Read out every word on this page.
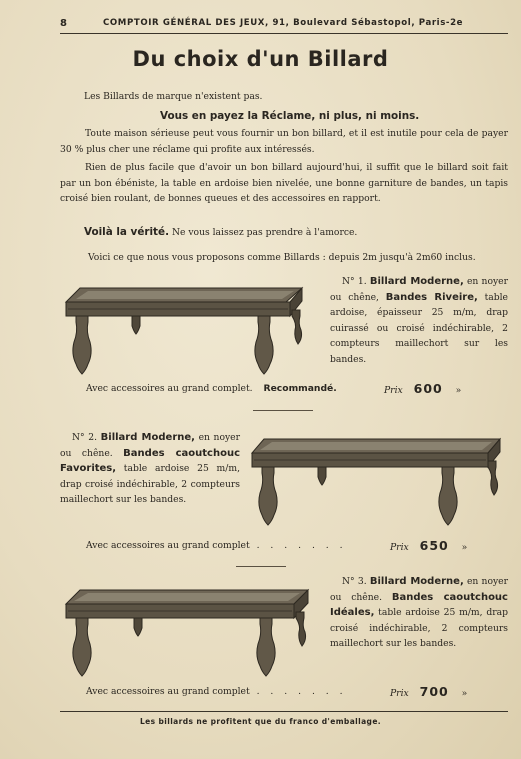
8	COMPTOIR GÉNÉRAL DES JEUX, 91, Boulevard Sébastopol, Paris-2e
Du choix d'un Billard
Les Billards de marque n'existent pas.
Vous en payez la Réclame, ni plus, ni moins.

Toute maison sérieuse peut vous fournir un bon billard, et il est inutile pour cela de payer 30 % plus cher une réclame qui profite aux intéressés.

Rien de plus facile que d'avoir un bon billard aujourd'hui, il suffit que le billard soit fait par un bon ébéniste, la table en ardoise bien nivelée, une bonne garniture de bandes, un tapis croisé bien roulant, de bonnes queues et des accessoires en rapport.

Voilà la vérité. Ne vous laissez pas prendre à l'amorce.
Voici ce que nous vous proposons comme Billards : depuis 2m jusqu'à 2m60 inclus.
N° 1. Billard Moderne, en noyer ou chêne, Bandes Riveire, table ardoise, épaisseur 25 m/m, drap cuirassé ou croisé indéchirable, 2 compteurs maillechort sur les bandes.
Avec accessoires au grand complet. Recommandé.	Prix 600 »
N° 2. Billard Moderne, en noyer ou chêne. Bandes caoutchouc Favorites, table ardoise 25 m/m, drap croisé indéchirable, 2 compteurs maillechort sur les bandes.
Avec accessoires au grand complet . . . . . . .	Prix 650 »
N° 3. Billard Moderne, en noyer ou chêne. Bandes caoutchouc Idéales, table ardoise 25 m/m, drap croisé indéchirable, 2 compteurs maillechort sur les bandes.
Avec accessoires au grand complet . . . . . . .	Prix 700 »
Les billards ne profitent que du franco d'emballage.
